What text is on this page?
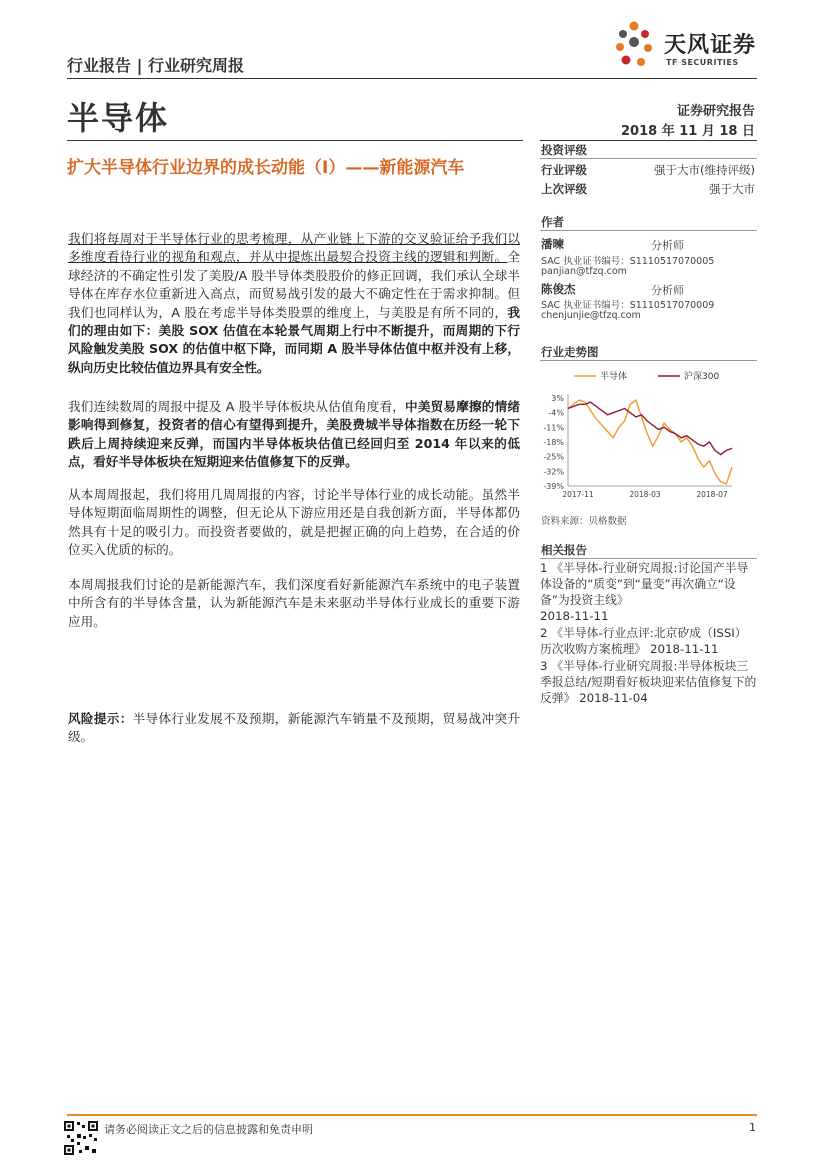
行业报告 | 行业研究周报
天风证券
TF SECURITIES
半导体	证券研究报告
2018 年 11 月 18 日
扩大半导体行业边界的成长动能（I）——新能源汽车
投资评级
行业评级	强于大市(维持评级)
上次评级	强于大市
作者
潘暕	分析师
SAC 执业证书编号：S1110517070005
panjian@tfzq.com
陈俊杰	分析师
SAC 执业证书编号：S1110517070009
chenjunjie@tfzq.com
行业走势图
半导体	沪深300
3%
-4%
-11%
-18%
-25%
-32%
-39%
2017-11	2018-03	2018-07
资料来源：贝格数据
相关报告
1 《半导体-行业研究周报:讨论国产半导体设备的“质变”到“量变”再次确立“设备”为投资主线》
2018-11-11
2 《半导体-行业点评:北京矽成（ISSI）历次收购方案梳理》 2018-11-11
3 《半导体-行业研究周报:半导体板块三季报总结/短期看好板块迎来估值修复下的反弹》 2018-11-04

我们将每周对于半导体行业的思考梳理，从产业链上下游的交叉验证给予我们以多维度看待行业的视角和观点，并从中提炼出最契合投资主线的逻辑和判断。全球经济的不确定性引发了美股/A 股半导体类股股价的修正回调，我们承认全球半导体在库存水位重新进入高点，而贸易战引发的最大不确定性在于需求抑制。但我们也同样认为，A 股在考虑半导体类股票的维度上，与美股是有所不同的，我们的理由如下：美股 SOX 估值在本轮景气周期上行中不断提升，而周期的下行风险触发美股 SOX 的估值中枢下降，而同期 A 股半导体估值中枢并没有上移，纵向历史比较估值边界具有安全性。

我们连续数周的周报中提及 A 股半导体板块从估值角度看，中美贸易摩擦的情绪影响得到修复，投资者的信心有望得到提升，美股费城半导体指数在历经一轮下跌后上周持续迎来反弹，而国内半导体板块估值已经回归至 2014 年以来的低点，看好半导体板块在短期迎来估值修复下的反弹。

从本周周报起，我们将用几周周报的内容，讨论半导体行业的成长动能。虽然半导体短期面临周期性的调整，但无论从下游应用还是自我创新方面，半导体都仍然具有十足的吸引力。而投资者要做的，就是把握正确的向上趋势，在合适的价位买入优质的标的。

本周周报我们讨论的是新能源汽车，我们深度看好新能源汽车系统中的电子装置中所含有的半导体含量，认为新能源汽车是未来驱动半导体行业成长的重要下游应用。

风险提示：半导体行业发展不及预期，新能源汽车销量不及预期，贸易战冲突升级。

请务必阅读正文之后的信息披露和免责申明	1
